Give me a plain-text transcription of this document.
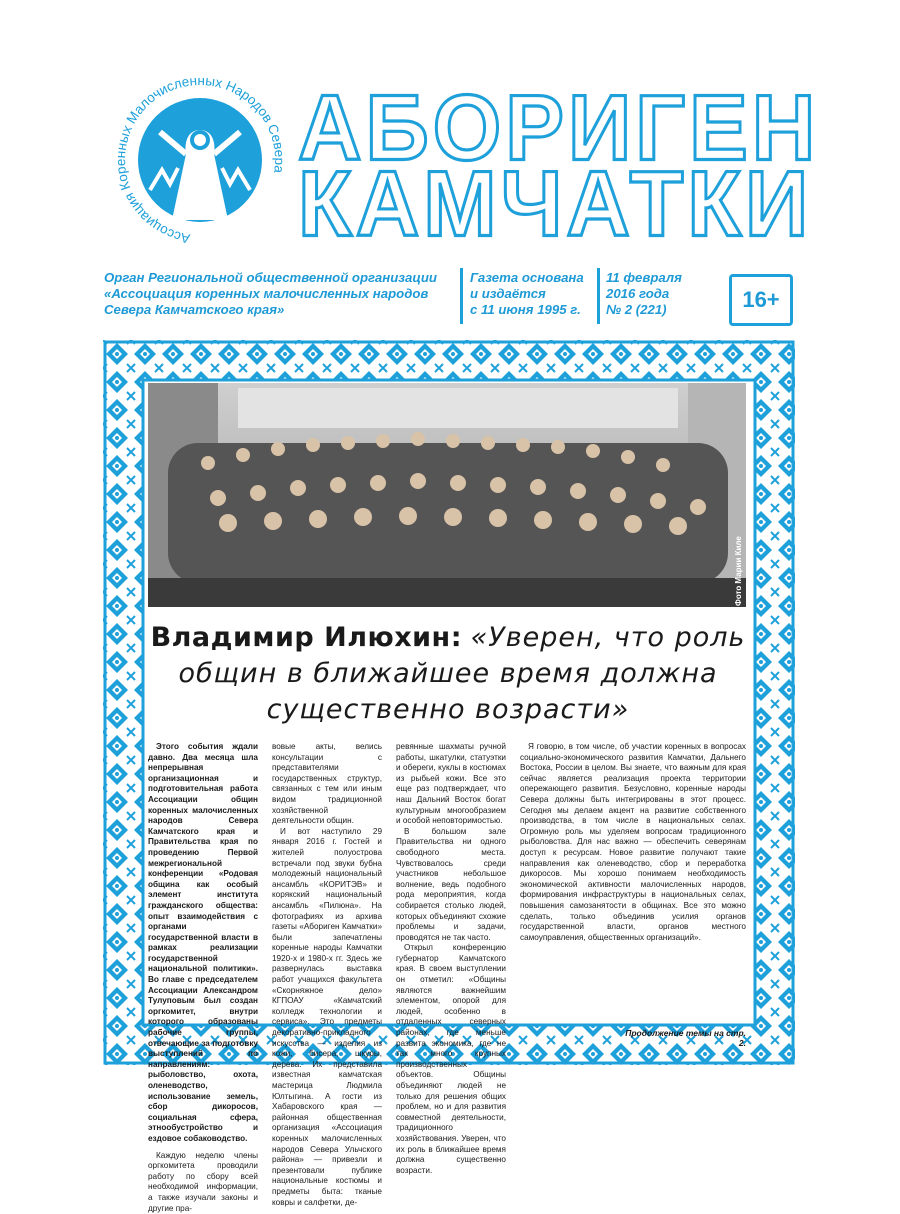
Ассоциация Коренных Малочисленных Народов Севера АБОРИГЕН
КАМЧАТКИ
Орган Региональной общественной организации
«Ассоциация коренных малочисленных народов
Севера Камчатского края»
Газета основана
и издаётся
с 11 июня 1995 г.
11 февраля
2016 года
№ 2 (221)	16+
Фото Марии Киле
Владимир Илюхин: «Уверен, что роль
общин в ближайшее время должна
существенно возрасти»

Этого события ждали давно. Два месяца шла непрерывная организационная и подготовительная работа Ассоциации общин коренных малочисленных народов Севера Камчатского края и Правительства края по проведению Первой межрегиональной конференции «Родовая община как особый элемент института гражданского общества: опыт взаимодействия с органами государственной власти в рамках реализации государственной национальной политики». Во главе с председателем Ассоциации Александром Тулуповым был создан оргкомитет, внутри которого образованы рабочие группы, отвечающие за подготовку выступлений по направлениям: рыболовство, охота, оленеводство, использование земель, сбор дикоросов, социальная сфера, этнообустройство и ездовое собаководство.

Каждую неделю члены оргкомитета проводили работу по сбору всей необходимой информации, а также изучали законы и другие пра-

вовые акты, велись консультации с представителями государственных структур, связанных с тем или иным видом традиционной хозяйственной деятельности общин.

И вот наступило 29 января 2016 г. Гостей и жителей полуострова встречали под звуки бубна молодежный национальный ансамбль «КОРИТЭВ» и корякский национальный ансамбль «Пилюна». На фотографиях из архива газеты «Абориген Камчатки» были запечатлены коренные народы Камчатки 1920-х и 1980-х гг. Здесь же развернулась выставка работ учащихся факультета «Скорняжное дело» КГПОАУ «Камчатский колледж технологии и сервиса». Это предметы декоративно-прикладного искусства — изделия из кожи, бисера, шкуры, дерева. Их представила известная камчатская мастерица Людмила Юлтыгина. А гости из Хабаровского края — районная общественная организация «Ассоциация коренных малочисленных народов Севера Ульчского района» — привезли и презентовали публике национальные костюмы и предметы быта: тканые ковры и салфетки, де-

ревянные шахматы ручной работы, шкатулки, статуэтки и обереги, куклы в костюмах из рыбьей кожи. Все это еще раз подтверждает, что наш Дальний Восток богат культурным многообразием и особой неповторимостью.

В большом зале Правительства ни одного свободного места. Чувствовалось среди участников небольшое волнение, ведь подобного рода мероприятия, когда собирается столько людей, которых объединяют схожие проблемы и задачи, проводятся не так часто.

Открыл конференцию губернатор Камчатского края. В своем выступлении он отметил: «Общины являются важнейшим элементом, опорой для людей, особенно в отдаленных северных районах, где меньше развита экономика, где не так много крупных производственных объектов. Общины объединяют людей не только для решения общих проблем, но и для развития совместной деятельности, традиционного хозяйствования. Уверен, что их роль в ближайшее время должна существенно возрасти.

Я говорю, в том числе, об участии коренных в вопросах социально-экономического развития Камчатки, Дальнего Востока, России в целом. Вы знаете, что важным для края сейчас является реализация проекта территории опережающего развития. Безусловно, коренные народы Севера должны быть интегрированы в этот процесс. Сегодня мы делаем акцент на развитие собственного производства, в том числе в национальных селах. Огромную роль мы уделяем вопросам традиционного рыболовства. Для нас важно — обеспечить северянам доступ к ресурсам. Новое развитие получают такие направления как оленеводство, сбор и переработка дикоросов. Мы хорошо понимаем необходимость экономической активности малочисленных народов, формирования инфраструктуры в национальных селах, повышения самозанятости в общинах. Все это можно сделать, только объединив усилия органов государственной власти, органов местного самоуправления, общественных организаций».

Продолжение темы на стр. 2.
